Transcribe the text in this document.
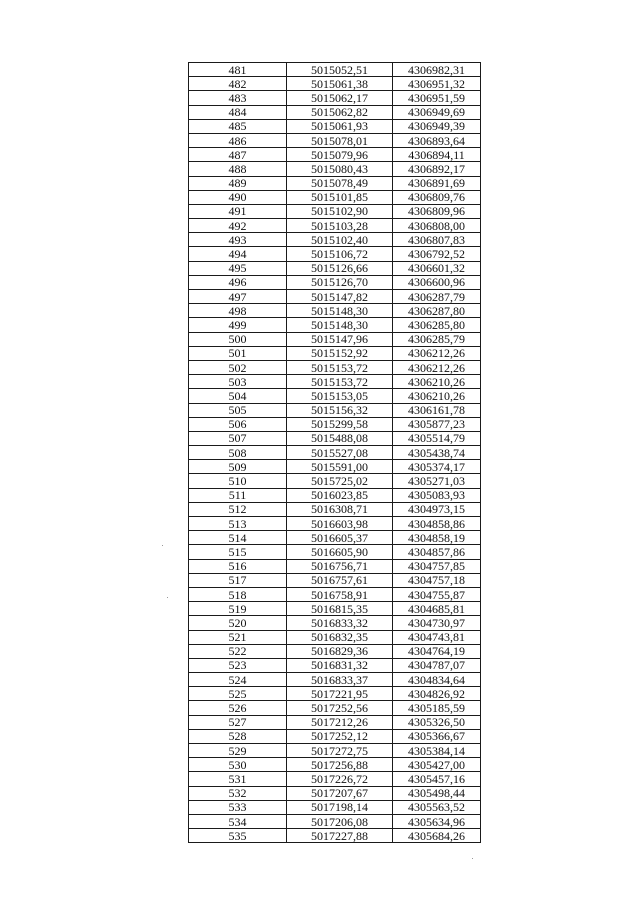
481	5015052,51	4306982,31
482	5015061,38	4306951,32
483	5015062,17	4306951,59
484	5015062,82	4306949,69
485	5015061,93	4306949,39
486	5015078,01	4306893,64
487	5015079,96	4306894,11
488	5015080,43	4306892,17
489	5015078,49	4306891,69
490	5015101,85	4306809,76
491	5015102,90	4306809,96
492	5015103,28	4306808,00
493	5015102,40	4306807,83
494	5015106,72	4306792,52
495	5015126,66	4306601,32
496	5015126,70	4306600,96
497	5015147,82	4306287,79
498	5015148,30	4306287,80
499	5015148,30	4306285,80
500	5015147,96	4306285,79
501	5015152,92	4306212,26
502	5015153,72	4306212,26
503	5015153,72	4306210,26
504	5015153,05	4306210,26
505	5015156,32	4306161,78
506	5015299,58	4305877,23
507	5015488,08	4305514,79
508	5015527,08	4305438,74
509	5015591,00	4305374,17
510	5015725,02	4305271,03
511	5016023,85	4305083,93
512	5016308,71	4304973,15
513	5016603,98	4304858,86
514	5016605,37	4304858,19
515	5016605,90	4304857,86
516	5016756,71	4304757,85
517	5016757,61	4304757,18
518	5016758,91	4304755,87
519	5016815,35	4304685,81
520	5016833,32	4304730,97
521	5016832,35	4304743,81
522	5016829,36	4304764,19
523	5016831,32	4304787,07
524	5016833,37	4304834,64
525	5017221,95	4304826,92
526	5017252,56	4305185,59
527	5017212,26	4305326,50
528	5017252,12	4305366,67
529	5017272,75	4305384,14
530	5017256,88	4305427,00
531	5017226,72	4305457,16
532	5017207,67	4305498,44
533	5017198,14	4305563,52
534	5017206,08	4305634,96
535	5017227,88	4305684,26
